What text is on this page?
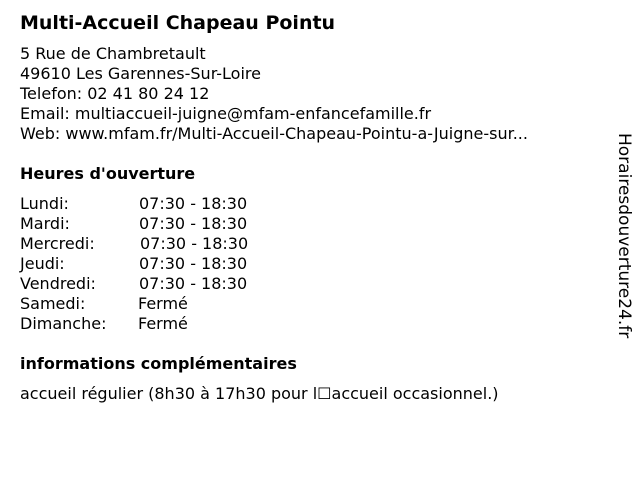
Multi-Accueil Chapeau Pointu
5 Rue de Chambretault
49610 Les Garennes-Sur-Loire
Telefon: 02 41 80 24 12
Email: multiaccueil-juigne@mfam-enfancefamille.fr
Web: www.mfam.fr/Multi-Accueil-Chapeau-Pointu-a-Juigne-sur...
Heures d'ouverture
Lundi:	07:30 - 18:30
Mardi:	07:30 - 18:30
Mercredi:	07:30 - 18:30
Jeudi:	07:30 - 18:30
Vendredi:	07:30 - 18:30
Samedi:	Fermé
Dimanche: Fermé
informations complémentaires
accueil régulier (8h30 à 17h30 pour l☐accueil occasionnel.)
Horairesdouverture24.fr
